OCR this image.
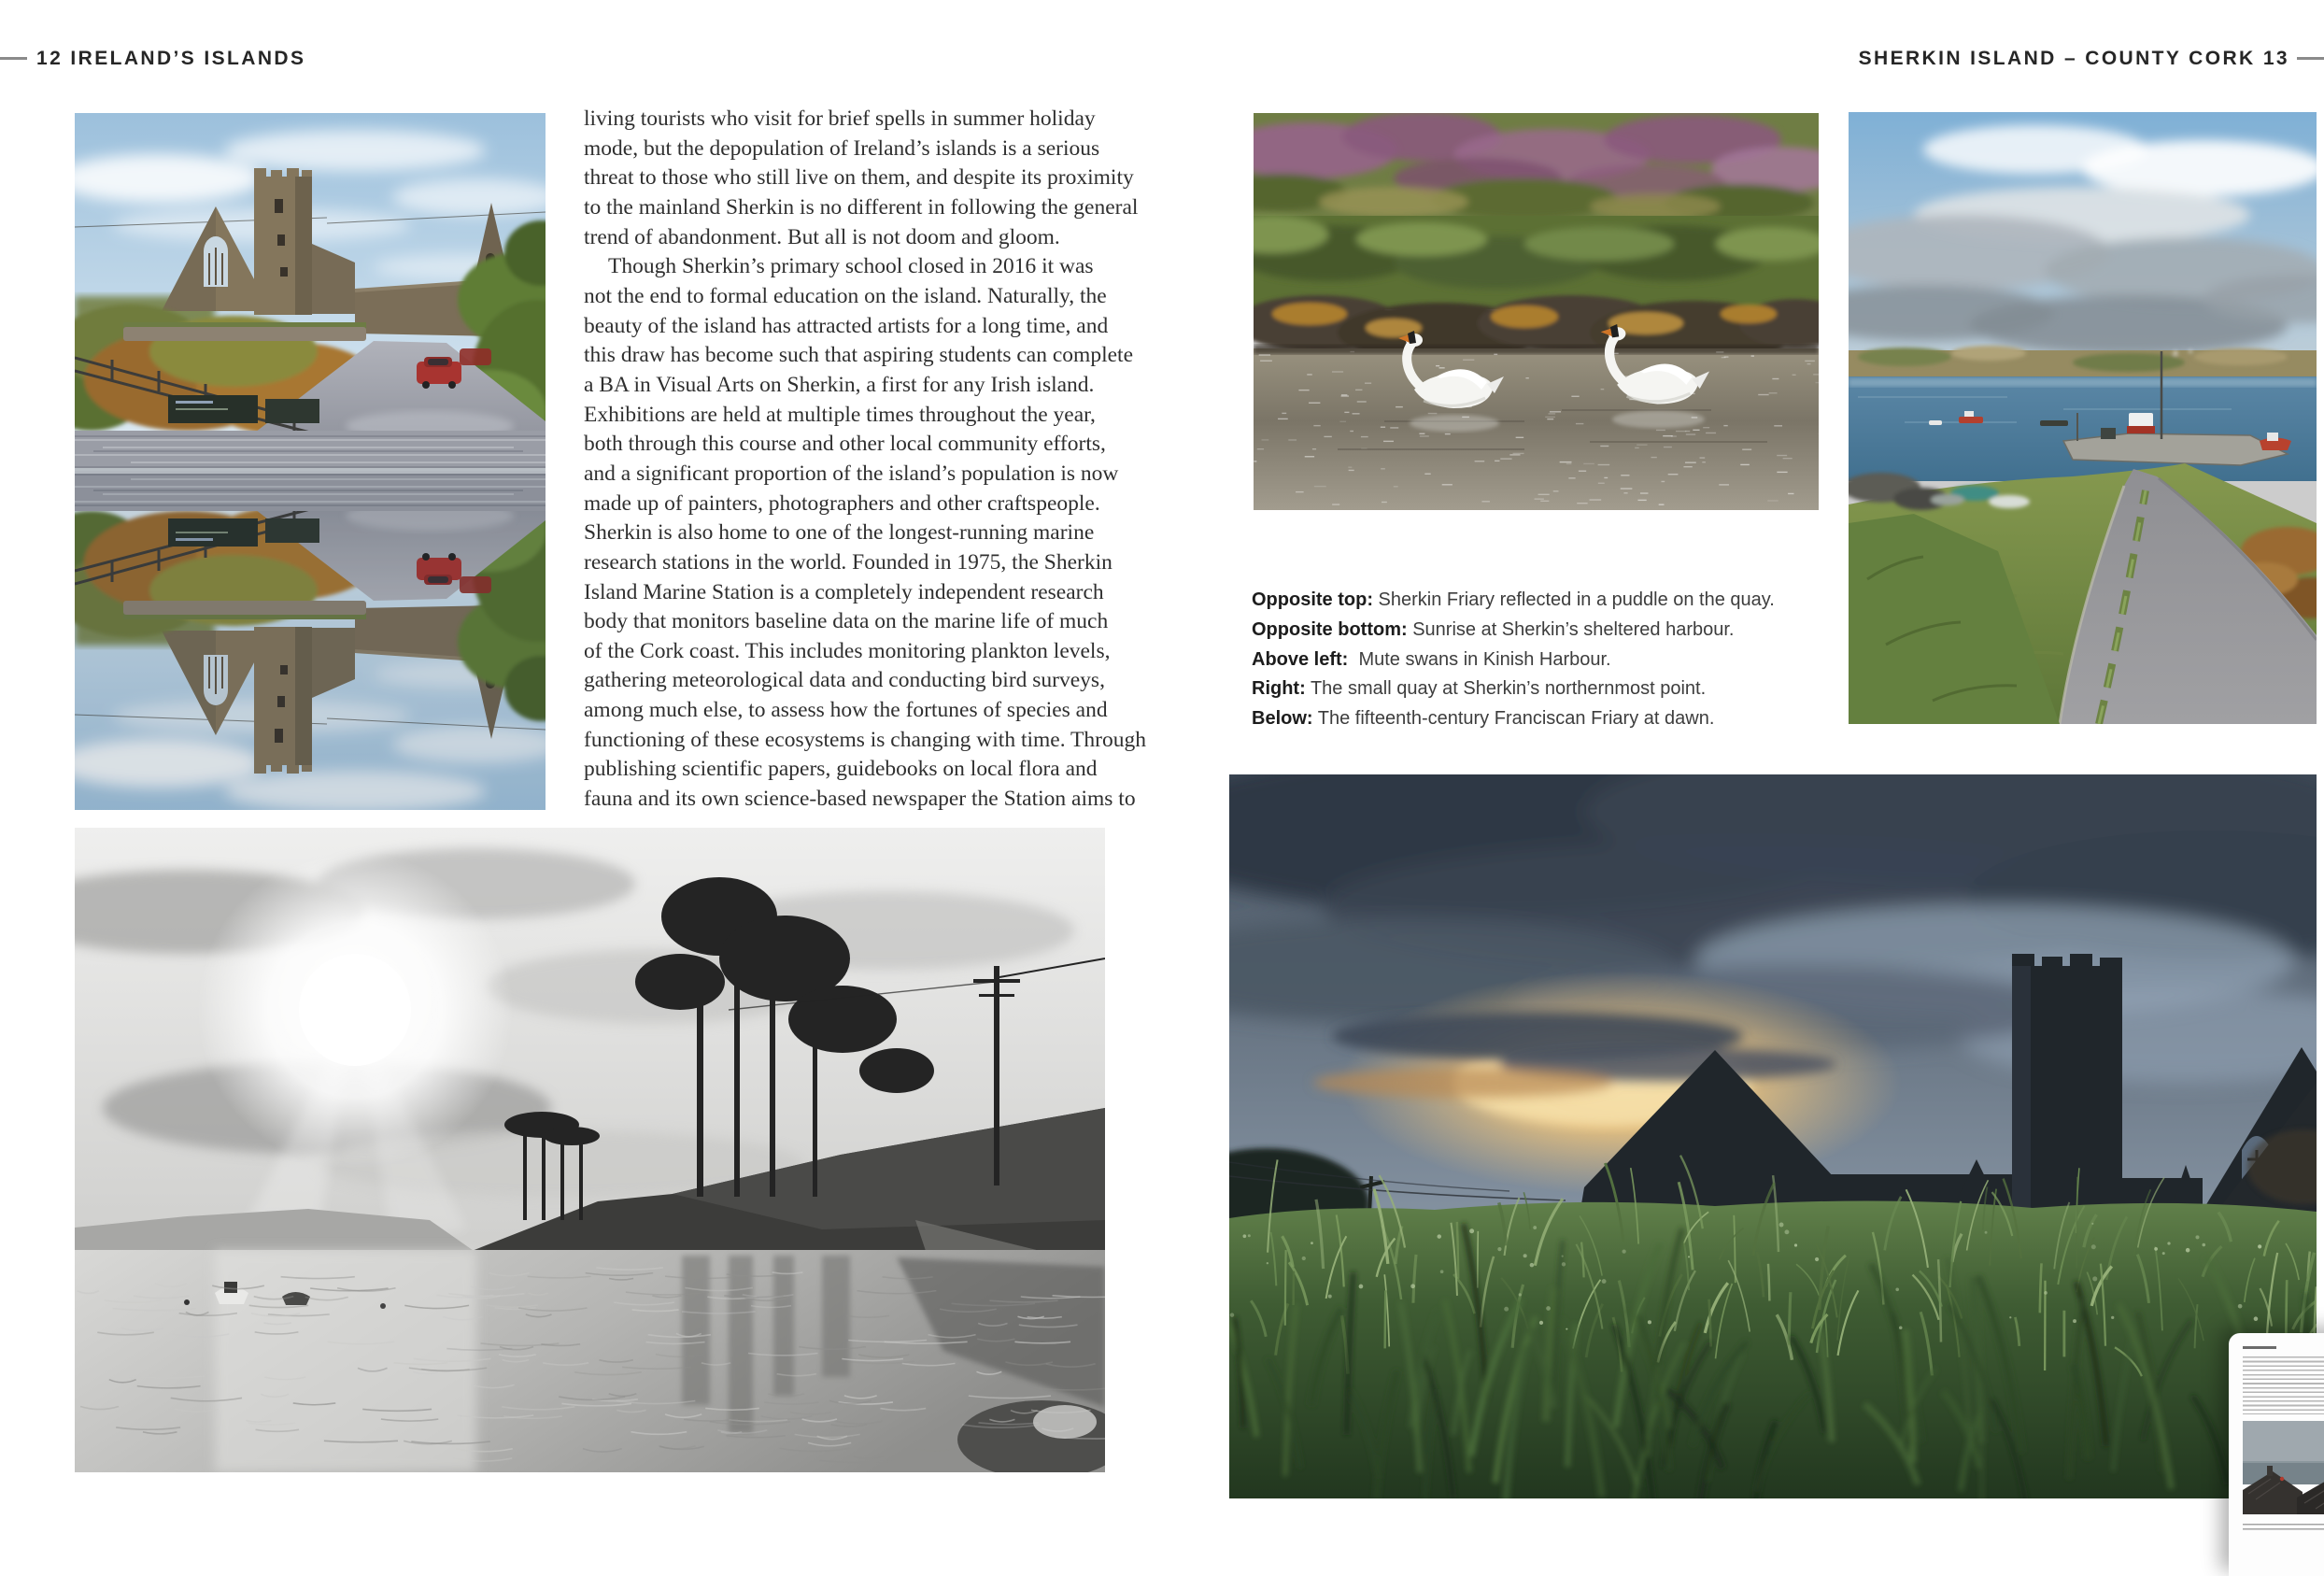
12 IRELAND’S ISLANDS	SHERKIN ISLAND – COUNTY CORK 13
living tourists who visit for brief spells in summer holiday
mode, but the depopulation of Ireland’s islands is a serious
threat to those who still live on them, and despite its proximity
to the mainland Sherkin is no different in following the general
trend of abandonment. But all is not doom and gloom.
Though Sherkin’s primary school closed in 2016 it was
not the end to formal education on the island. Naturally, the
beauty of the island has attracted artists for a long time, and
this draw has become such that aspiring students can complete
a BA in Visual Arts on Sherkin, a first for any Irish island.
Exhibitions are held at multiple times throughout the year,
both through this course and other local community efforts,
and a significant proportion of the island’s population is now
made up of painters, photographers and other craftspeople.
Sherkin is also home to one of the longest-running marine
research stations in the world. Founded in 1975, the Sherkin
Island Marine Station is a completely independent research
body that monitors baseline data on the marine life of much
of the Cork coast. This includes monitoring plankton levels,
gathering meteorological data and conducting bird surveys,
among much else, to assess how the fortunes of species and
functioning of these ecosystems is changing with time. Through
publishing scientific papers, guidebooks on local flora and
fauna and its own science-based newspaper the Station aims to
Opposite top: Sherkin Friary reflected in a puddle on the quay.
Opposite bottom: Sunrise at Sherkin’s sheltered harbour.
Above left:  Mute swans in Kinish Harbour.
Right: The small quay at Sherkin’s northernmost point.
Below: The fifteenth-century Franciscan Friary at dawn.
